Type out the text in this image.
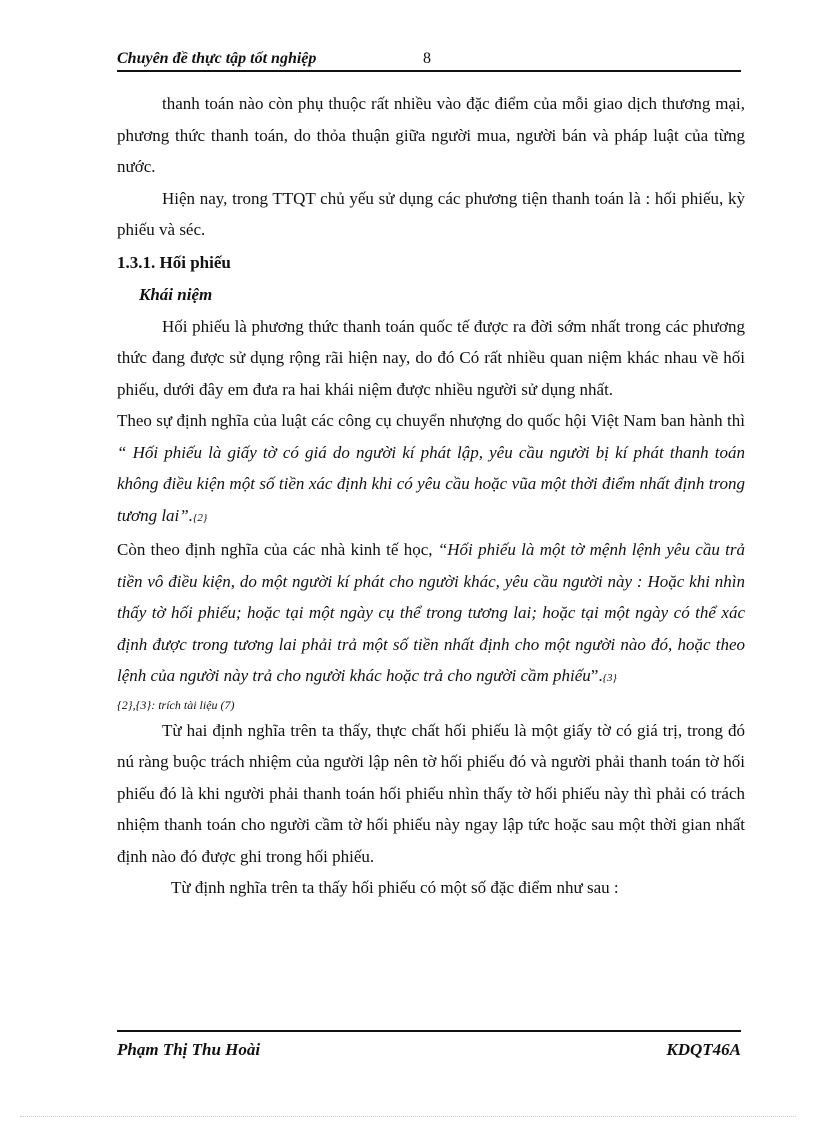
Chuyên đề thực tập tốt nghiệp	8

thanh toán nào còn phụ thuộc rất nhiều vào đặc điểm của mỗi giao dịch thương mại, phương thức thanh toán, do thỏa thuận giữa người mua, người bán và pháp luật của từng nước.

Hiện nay, trong TTQT chủ yếu sử dụng các phương tiện thanh toán là : hối phiếu, kỳ phiếu và séc.

1.3.1. Hối phiếu

Khái niệm

Hối phiếu là phương thức thanh toán quốc tế được ra đời sớm nhất trong các phương thức đang được sử dụng rộng rãi hiện nay, do đó Có rất nhiều quan niệm khác nhau về hối phiếu, dưới đây em đưa ra hai khái niệm được nhiều người sử dụng nhất.

Theo sự định nghĩa của luật các công cụ chuyển nhượng do quốc hội Việt Nam ban hành thì “ Hối phiếu là giấy tờ có giá do người kí phát lập, yêu cầu người bị kí phát thanh toán không điều kiện một số tiền xác định khi có yêu cầu hoặc vũa một thời điểm nhất định trong tương lai”.{2}

Còn theo định nghĩa của các nhà kinh tế học, “Hối phiếu là một tờ mệnh lệnh yêu cầu trả tiền vô điều kiện, do một người kí phát cho người khác, yêu cầu người này : Hoặc khi nhìn thấy tờ hối phiếu; hoặc tại một ngày cụ thể trong tương lai; hoặc tại một ngày có thể xác định được trong tương lai phải trả một số tiền nhất định cho một người nào đó, hoặc theo lệnh của người này trả cho người khác hoặc trả cho người cầm phiếu”.{3}

{2},{3}: trích tài liệu (7)

Từ hai định nghĩa trên ta thấy, thực chất hối phiếu là một giấy tờ có giá trị, trong đó nú ràng buộc trách nhiệm của người lập nên tờ hối phiếu đó và người phải thanh toán tờ hối phiếu đó là khi người phải thanh toán hối phiếu nhìn thấy tờ hối phiếu này thì phải có trách nhiệm thanh toán cho người cầm tờ hối phiếu này ngay lập tức hoặc sau một thời gian nhất định nào đó được ghi trong hối phiếu.

Từ định nghĩa trên ta thấy hối phiếu có một số đặc điểm như sau :

Phạm Thị Thu Hoài	KDQT46A
